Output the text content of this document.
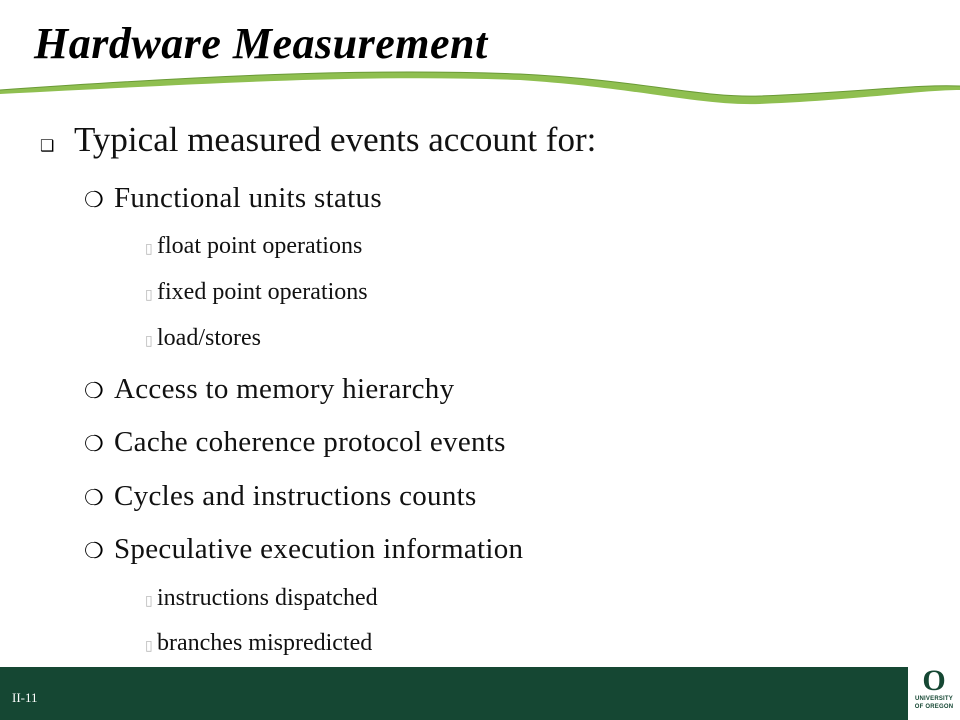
Hardware Measurement
❑ Typical measured events account for:
❍ Functional units status
▯ float point operations
▯ fixed point operations
▯ load/stores
❍ Access to memory hierarchy
❍ Cache coherence protocol events
❍ Cycles and instructions counts
❍ Speculative execution information
▯ instructions dispatched
▯ branches mispredicted
II-11
O
UNIVERSITY
OF OREGON
